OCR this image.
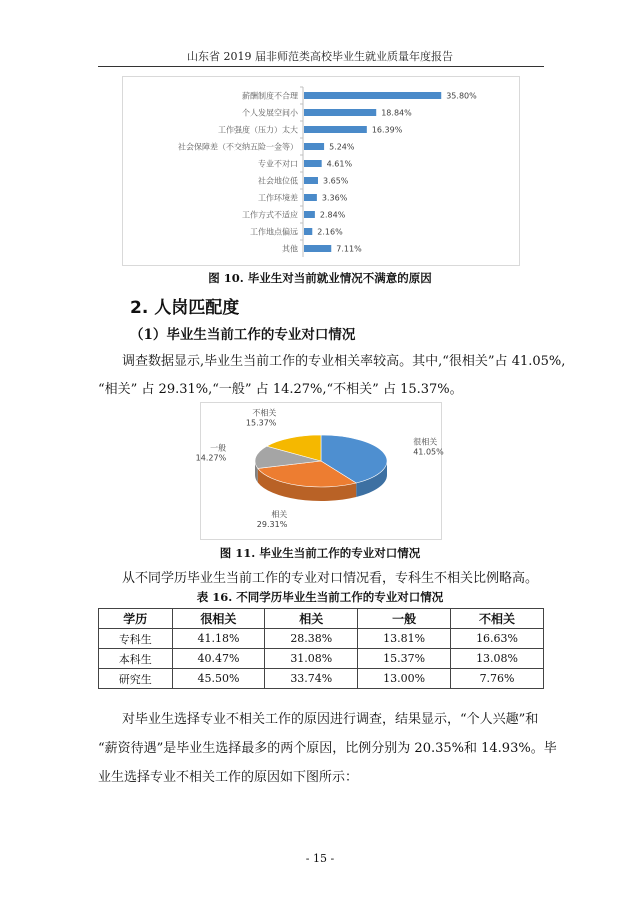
山东省 2019 届非师范类高校毕业生就业质量年度报告
薪酬制度不合理	35.80%
个人发展空间小	18.84%
工作强度（压力）太大	16.39%
社会保障差（不交纳五险一金等）	5.24%
专业不对口	4.61%
社会地位低	3.65%
工作环境差	3.36%
工作方式不适应	2.84%
工作地点偏远 2.16%
其他	7.11%
图 10. 毕业生对当前就业情况不满意的原因
2. 人岗匹配度
（1）毕业生当前工作的专业对口情况
调查数据显示,毕业生当前工作的专业相关率较高。其中,“很相关”占 41.05%,
“相关” 占 29.31%,“一般” 占 14.27%,“不相关” 占 15.37%。
很相关
41.05%
相关
29.31%
一般
14.27%
不相关
15.37%
图 11. 毕业生当前工作的专业对口情况
从不同学历毕业生当前工作的专业对口情况看，专科生不相关比例略高。
表 16. 不同学历毕业生当前工作的专业对口情况
学历	很相关	相关	一般	不相关
专科生	41.18%	28.38%	13.81%	16.63%
本科生	40.47%	31.08%	15.37%	13.08%
研究生	45.50%	33.74%	13.00%	7.76%
对毕业生选择专业不相关工作的原因进行调查，结果显示，“个人兴趣”和
“薪资待遇”是毕业生选择最多的两个原因，比例分别为 20.35%和 14.93%。毕
业生选择专业不相关工作的原因如下图所示：
- 15 -
